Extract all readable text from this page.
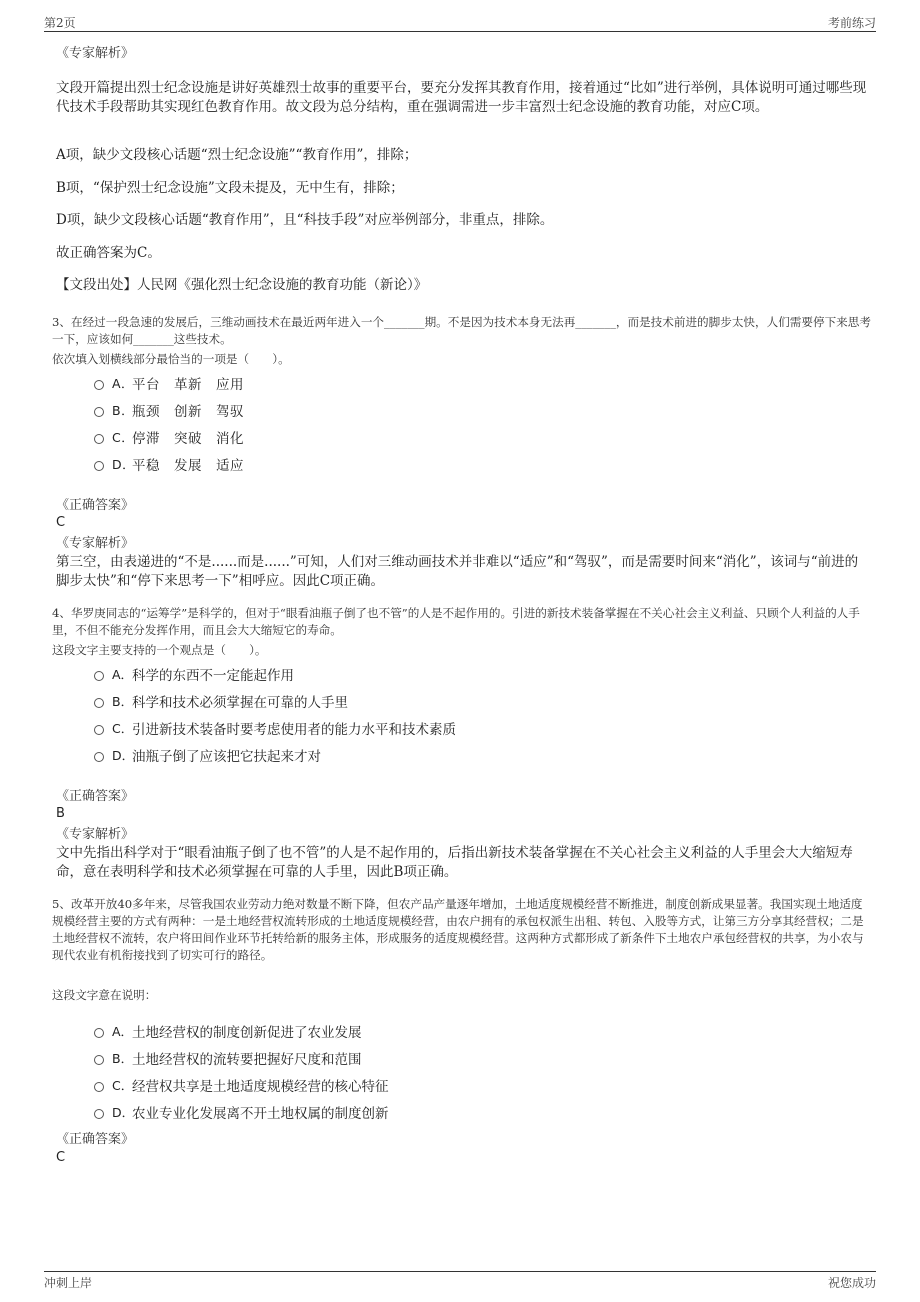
第2页	考前练习
《专家解析》
文段开篇提出烈士纪念设施是讲好英雄烈士故事的重要平台，要充分发挥其教育作用，接着通过“比如”进行举例，具体说明可通过哪些现代技术手段帮助其实现红色教育作用。故文段为总分结构，重在强调需进一步丰富烈士纪念设施的教育功能，对应C项。
A项，缺少文段核心话题“烈士纪念设施”“教育作用”，排除；
B项，“保护烈士纪念设施”文段未提及，无中生有，排除；
D项，缺少文段核心话题“教育作用”，且“科技手段”对应举例部分，非重点，排除。
故正确答案为C。
【文段出处】人民网《强化烈士纪念设施的教育功能（新论）》
3、在经过一段急速的发展后，三维动画技术在最近两年进入一个_______期。不是因为技术本身无法再_______，而是技术前进的脚步太快，人们需要停下来思考一下，应该如何_______这些技术。
依次填入划横线部分最恰当的一项是（　　）。
A．
平台 革新 应用
B．
瓶颈 创新 驾驭
C．
停滞 突破 消化
D．
平稳 发展 适应
《正确答案》
C
《专家解析》
第三空，由表递进的“不是......而是......”可知，人们对三维动画技术并非难以“适应”和“驾驭”，而是需要时间来“消化”，该词与“前进的脚步太快”和“停下来思考一下”相呼应。因此C项正确。
4、华罗庚同志的“运筹学”是科学的，但对于“眼看油瓶子倒了也不管”的人是不起作用的。引进的新技术装备掌握在不关心社会主义利益、只顾个人利益的人手里，不但不能充分发挥作用，而且会大大缩短它的寿命。
这段文字主要支持的一个观点是（　　）。
A．
科学的东西不一定能起作用
B．
科学和技术必须掌握在可靠的人手里
C．
引进新技术装备时要考虑使用者的能力水平和技术素质
D．
油瓶子倒了应该把它扶起来才对
《正确答案》
B
《专家解析》
文中先指出科学对于“眼看油瓶子倒了也不管”的人是不起作用的，后指出新技术装备掌握在不关心社会主义利益的人手里会大大缩短寿命，意在表明科学和技术必须掌握在可靠的人手里，因此B项正确。
5、改革开放40多年来，尽管我国农业劳动力绝对数量不断下降，但农产品产量逐年增加，土地适度规模经营不断推进，制度创新成果显著。我国实现土地适度规模经营主要的方式有两种：一是土地经营权流转形成的土地适度规模经营，由农户拥有的承包权派生出租、转包、入股等方式，让第三方分享其经营权；二是土地经营权不流转，农户将田间作业环节托转给新的服务主体，形成服务的适度规模经营。这两种方式都形成了新条件下土地农户承包经营权的共享，为小农与现代农业有机衔接找到了切实可行的路径。
这段文字意在说明：
A．
土地经营权的制度创新促进了农业发展
B．
土地经营权的流转要把握好尺度和范围
C．
经营权共享是土地适度规模经营的核心特征
D．
农业专业化发展离不开土地权属的制度创新
《正确答案》
C
冲刺上岸	祝您成功
